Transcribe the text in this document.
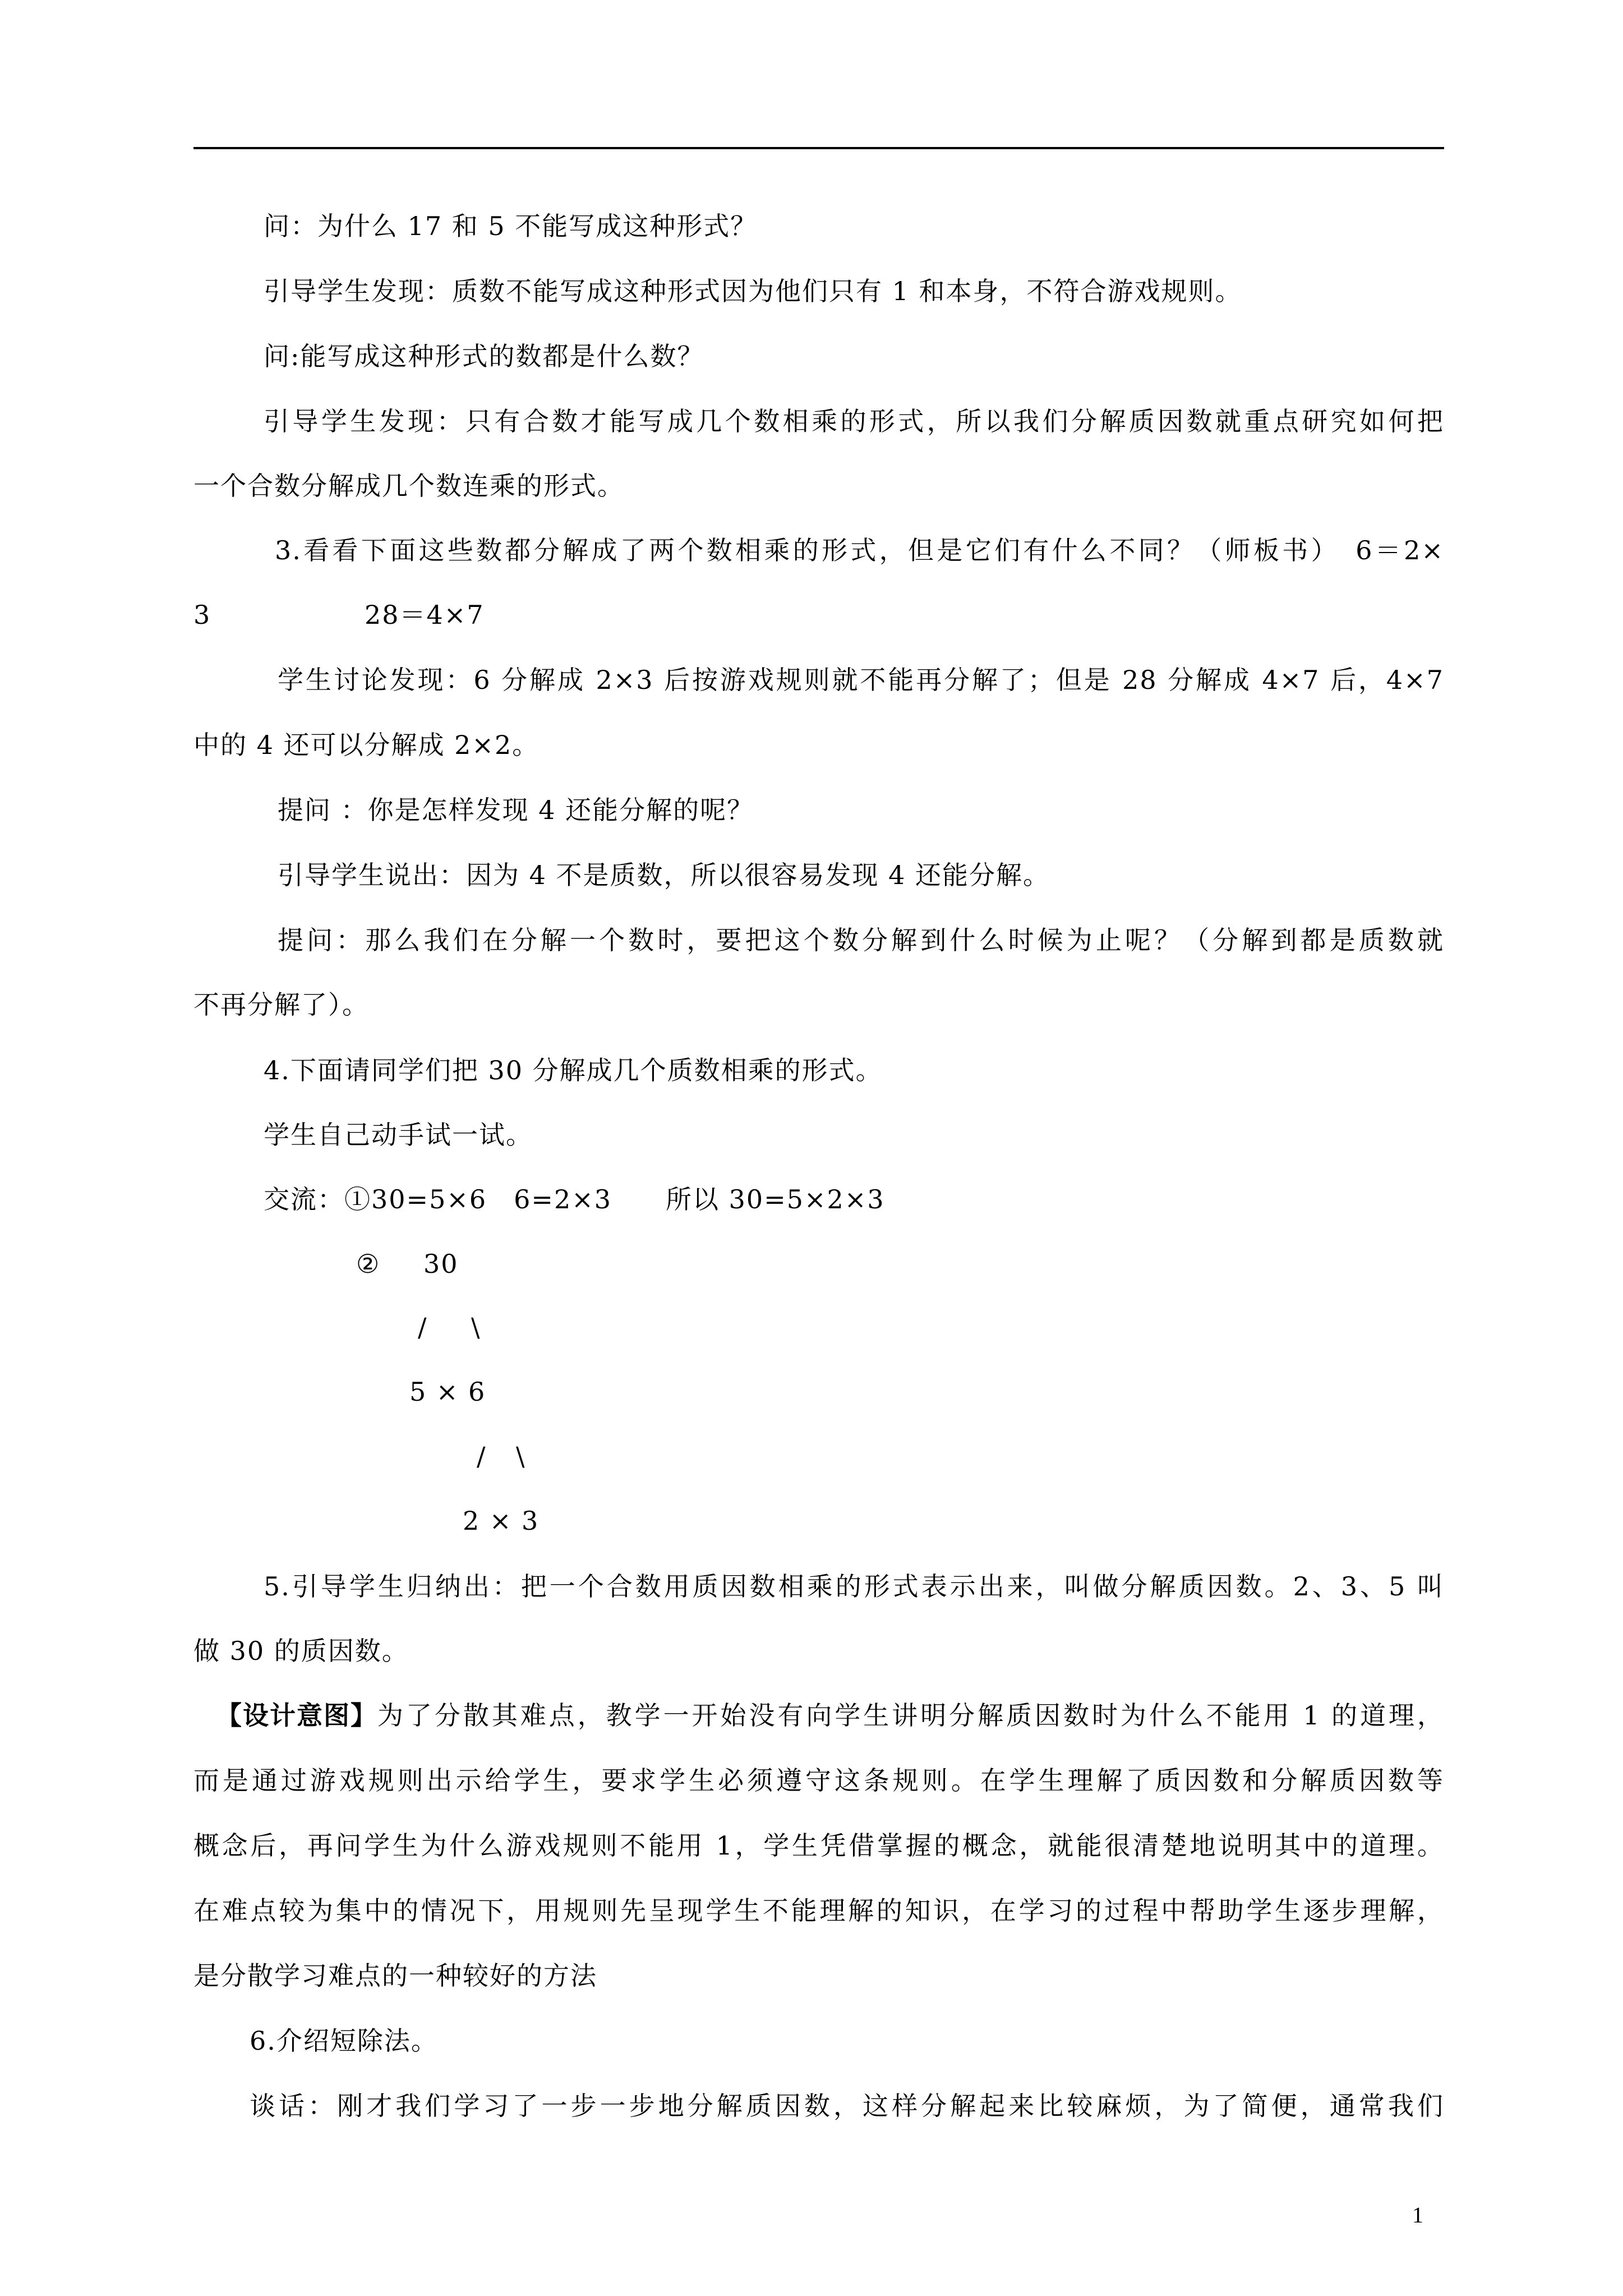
问：为什么 17 和 5 不能写成这种形式？
引导学生发现：质数不能写成这种形式因为他们只有 1 和本身，不符合游戏规则。
问:能写成这种形式的数都是什么数？
引导学生发现：只有合数才能写成几个数相乘的形式，所以我们分解质因数就重点研究如何把
一个合数分解成几个数连乘的形式。
3.看看下面这些数都分解成了两个数相乘的形式，但是它们有什么不同？（师板书）　6＝2×
3	28＝4×7
学生讨论发现：6 分解成 2×3 后按游戏规则就不能再分解了；但是 28 分解成 4×7 后，4×7
中的 4 还可以分解成 2×2。
提问 ：你是怎样发现 4 还能分解的呢？
引导学生说出：因为 4 不是质数，所以很容易发现 4 还能分解。
提问：那么我们在分解一个数时，要把这个数分解到什么时候为止呢？（分解到都是质数就
不再分解了）。
4.下面请同学们把 30 分解成几个质数相乘的形式。
学生自己动手试一试。
交流：①30=5×6　6=2×3　　所以 30=5×2×3
② 30
/ \
5 × 6
/ \
2 × 3
5.引导学生归纳出：把一个合数用质因数相乘的形式表示出来，叫做分解质因数。2、3、5 叫
做 30 的质因数。
【设计意图】 为了分散其难点，教学一开始没有向学生讲明分解质因数时为什么不能用 1 的道理，
而是通过游戏规则出示给学生，要求学生必须遵守这条规则。在学生理解了质因数和分解质因数等
概念后，再问学生为什么游戏规则不能用 1，学生凭借掌握的概念，就能很清楚地说明其中的道理。
在难点较为集中的情况下，用规则先呈现学生不能理解的知识，在学习的过程中帮助学生逐步理解，
是分散学习难点的一种较好的方法
6.介绍短除法。
谈话：刚才我们学习了一步一步地分解质因数，这样分解起来比较麻烦，为了简便，通常我们
1
